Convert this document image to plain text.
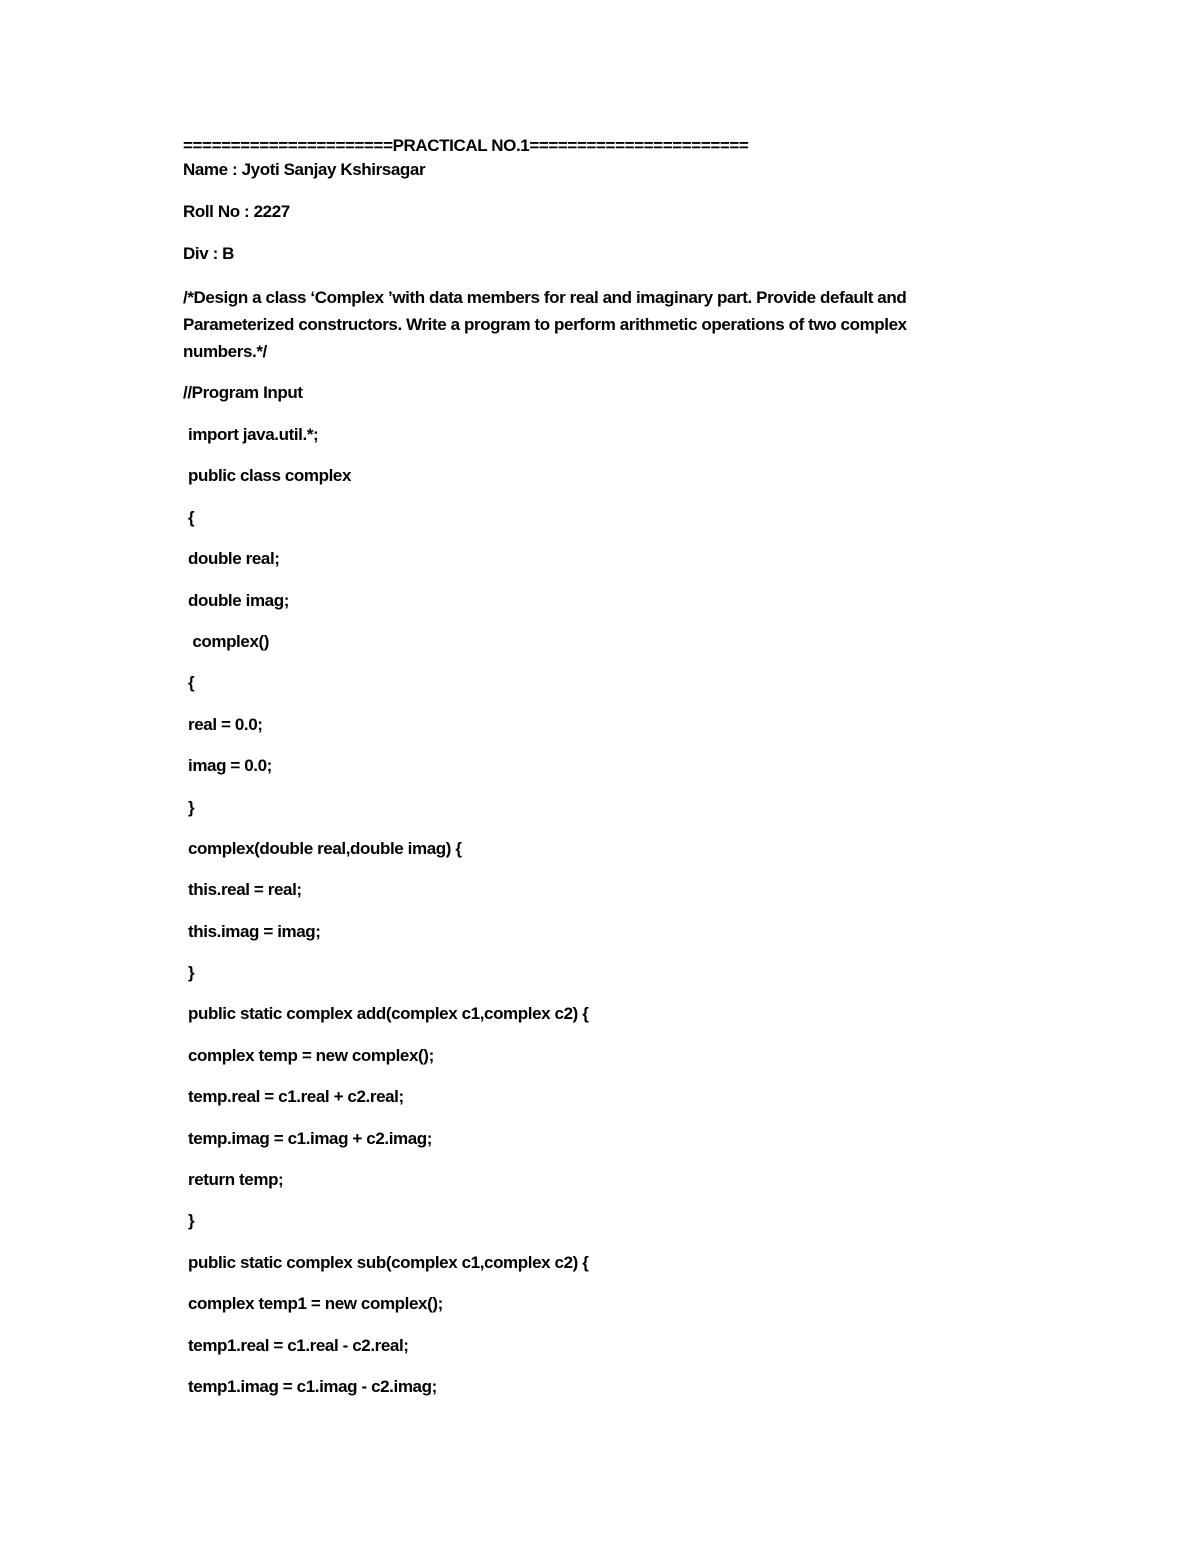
======================PRACTICAL NO.1=======================
Name : Jyoti Sanjay Kshirsagar
Roll No : 2227
Div : B
/*Design a class ‘Complex ’with data members for real and imaginary part. Provide default and Parameterized constructors. Write a program to perform arithmetic operations of two complex numbers.*/
//Program Input
import java.util.*;
public class complex
{
double real;
double imag;
complex()
{
real = 0.0;
imag = 0.0;
}
complex(double real,double imag) {
this.real = real;
this.imag = imag;
}
public static complex add(complex c1,complex c2) {
complex temp = new complex();
temp.real = c1.real + c2.real;
temp.imag = c1.imag + c2.imag;
return temp;
}
public static complex sub(complex c1,complex c2) {
complex temp1 = new complex();
temp1.real = c1.real - c2.real;
temp1.imag = c1.imag - c2.imag;
